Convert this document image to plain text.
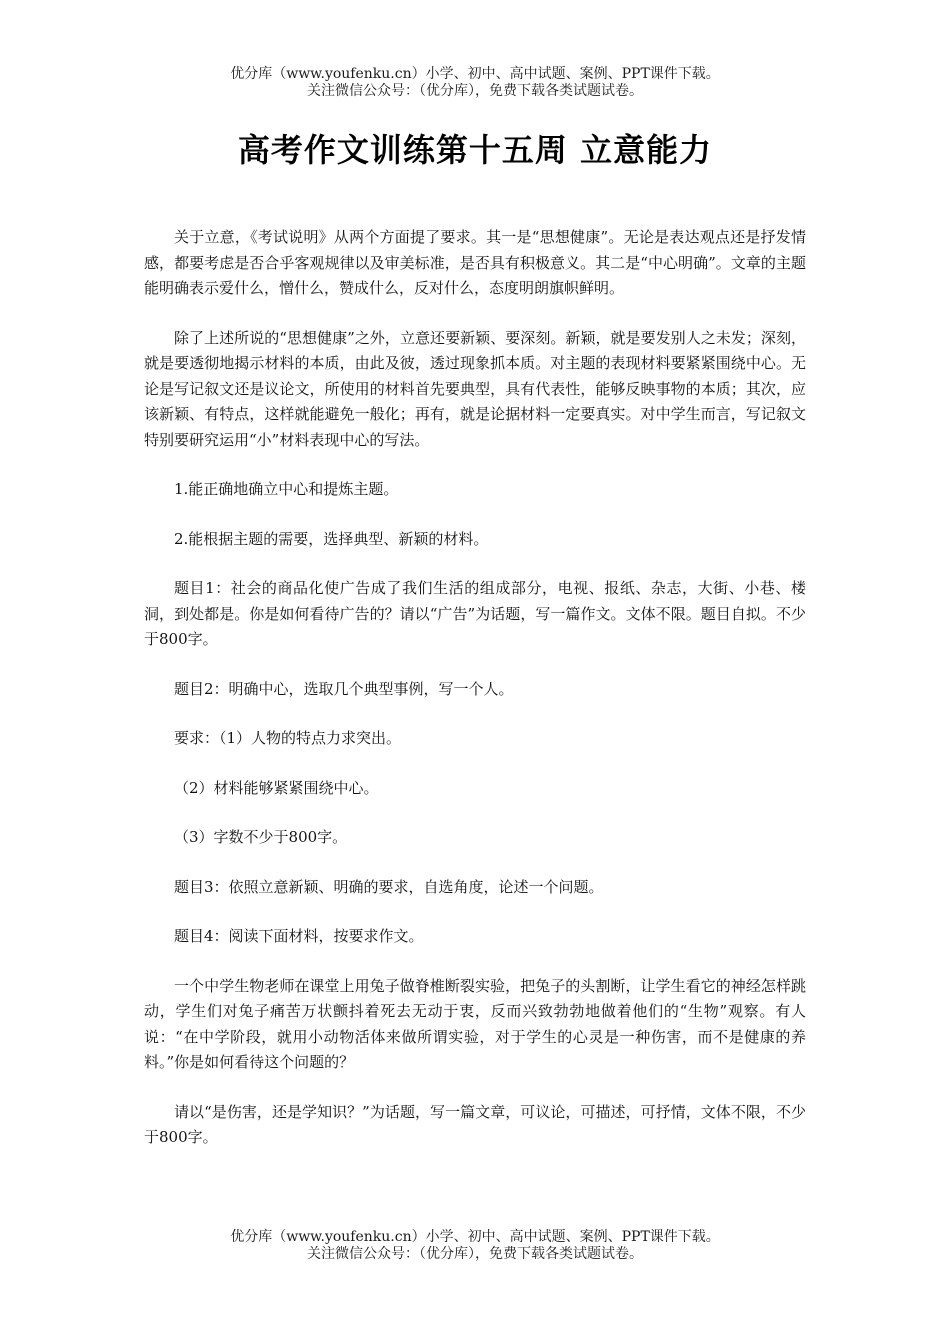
优分库（www.youfenku.cn）小学、初中、高中试题、案例、PPT课件下载。
关注微信公众号：（优分库），免费下载各类试题试卷。
高考作文训练第十五周 立意能力

关于立意，《考试说明》从两个方面提了要求。其一是“思想健康”。无论是表达观点还是抒发情感，都要考虑是否合乎客观规律以及审美标准，是否具有积极意义。其二是“中心明确”。文章的主题能明确表示爱什么，憎什么，赞成什么，反对什么，态度明朗旗帜鲜明。

除了上述所说的“思想健康”之外，立意还要新颖、要深刻。新颖，就是要发别人之未发；深刻，就是要透彻地揭示材料的本质，由此及彼，透过现象抓本质。对主题的表现材料要紧紧围绕中心。无论是写记叙文还是议论文，所使用的材料首先要典型，具有代表性，能够反映事物的本质；其次，应该新颖、有特点，这样就能避免一般化；再有，就是论据材料一定要真实。对中学生而言，写记叙文特别要研究运用“小”材料表现中心的写法。

1.能正确地确立中心和提炼主题。

2.能根据主题的需要，选择典型、新颖的材料。

题目1：社会的商品化使广告成了我们生活的组成部分，电视、报纸、杂志，大街、小巷、楼洞，到处都是。你是如何看待广告的？请以“广告”为话题，写一篇作文。文体不限。题目自拟。不少于800字。

题目2：明确中心，选取几个典型事例，写一个人。

要求：（1）人物的特点力求突出。

（2）材料能够紧紧围绕中心。

（3）字数不少于800字。

题目3：依照立意新颖、明确的要求，自选角度，论述一个问题。

题目4：阅读下面材料，按要求作文。

一个中学生物老师在课堂上用兔子做脊椎断裂实验，把兔子的头割断，让学生看它的神经怎样跳动，学生们对兔子痛苦万状颤抖着死去无动于衷，反而兴致勃勃地做着他们的“生物”观察。有人说：“在中学阶段，就用小动物活体来做所谓实验，对于学生的心灵是一种伤害，而不是健康的养料。”你是如何看待这个问题的？

请以“是伤害，还是学知识？”为话题，写一篇文章，可议论，可描述，可抒情，文体不限，不少于800字。

优分库（www.youfenku.cn）小学、初中、高中试题、案例、PPT课件下载。
关注微信公众号：（优分库），免费下载各类试题试卷。
